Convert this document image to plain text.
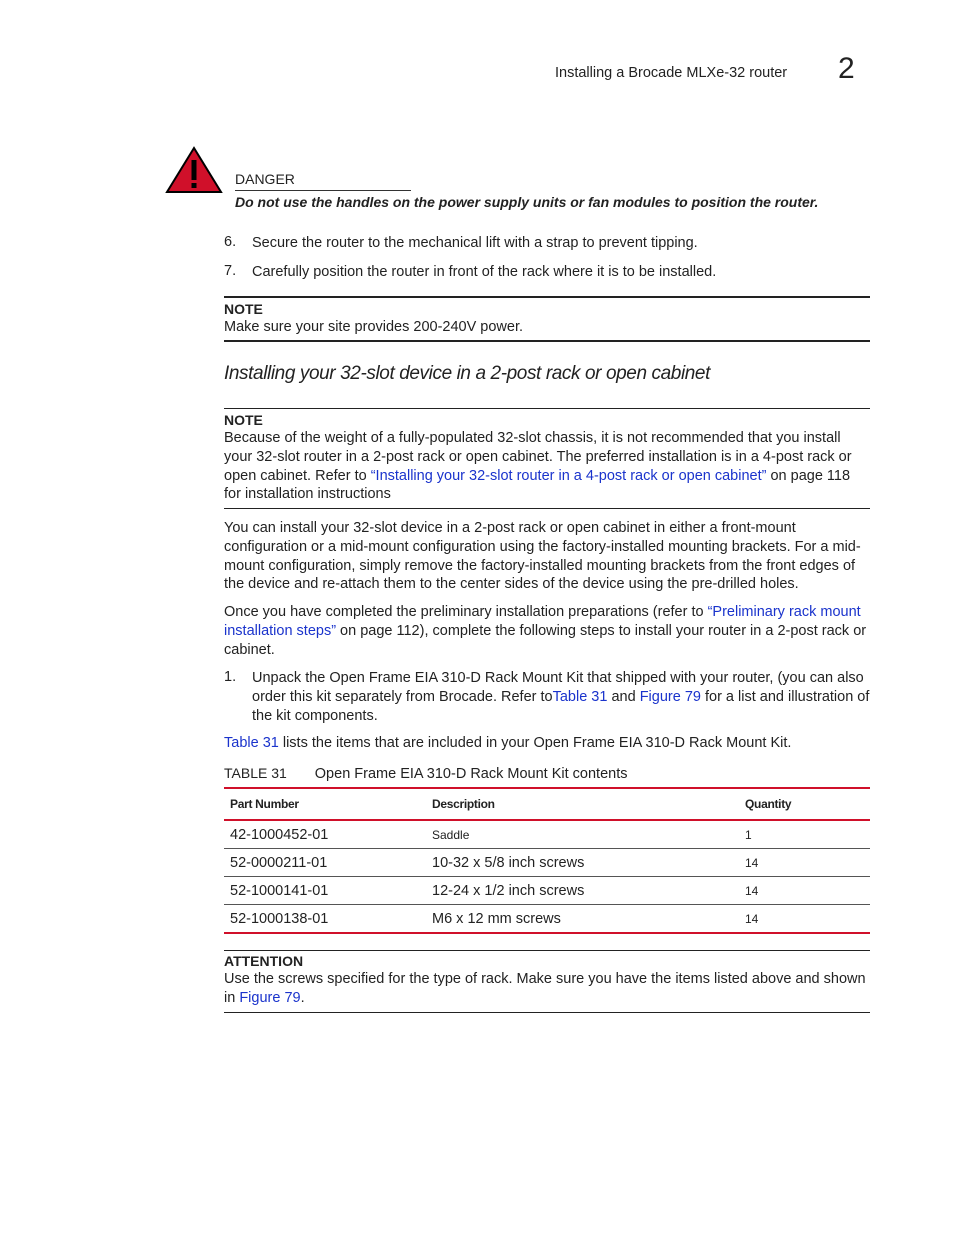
Installing a Brocade MLXe-32 router 2
DANGER
Do not use the handles on the power supply units or fan modules to position the router.
6. Secure the router to the mechanical lift with a strap to prevent tipping.
7. Carefully position the router in front of the rack where it is to be installed.
NOTE
Make sure your site provides 200-240V power.
Installing your 32-slot device in a 2-post rack or open cabinet
NOTE
Because of the weight of a fully-populated 32-slot chassis, it is not recommended that you install your 32-slot router in a 2-post rack or open cabinet. The preferred installation is in a 4-post rack or open cabinet. Refer to “Installing your 32-slot router in a 4-post rack or open cabinet” on page 118 for installation instructions
You can install your 32-slot device in a 2-post rack or open cabinet in either a front-mount configuration or a mid-mount configuration using the factory-installed mounting brackets. For a mid-mount configuration, simply remove the factory-installed mounting brackets from the front edges of the device and re-attach them to the center sides of the device using the pre-drilled holes.
Once you have completed the preliminary installation preparations (refer to “Preliminary rack mount installation steps” on page 112), complete the following steps to install your router in a 2-post rack or cabinet.
1. Unpack the Open Frame EIA 310-D Rack Mount Kit that shipped with your router, (you can also order this kit separately from Brocade. Refer toTable 31 and Figure 79 for a list and illustration of the kit components.
Table 31 lists the items that are included in your Open Frame EIA 310-D Rack Mount Kit.
TABLE 31 Open Frame EIA 310-D Rack Mount Kit contents
Part Number	Description	Quantity
42-1000452-01	Saddle	1
52-0000211-01	10-32 x 5/8 inch screws	14
52-1000141-01	12-24 x 1/2 inch screws	14
52-1000138-01	M6 x 12 mm screws	14
ATTENTION
Use the screws specified for the type of rack. Make sure you have the items listed above and shown in Figure 79.
